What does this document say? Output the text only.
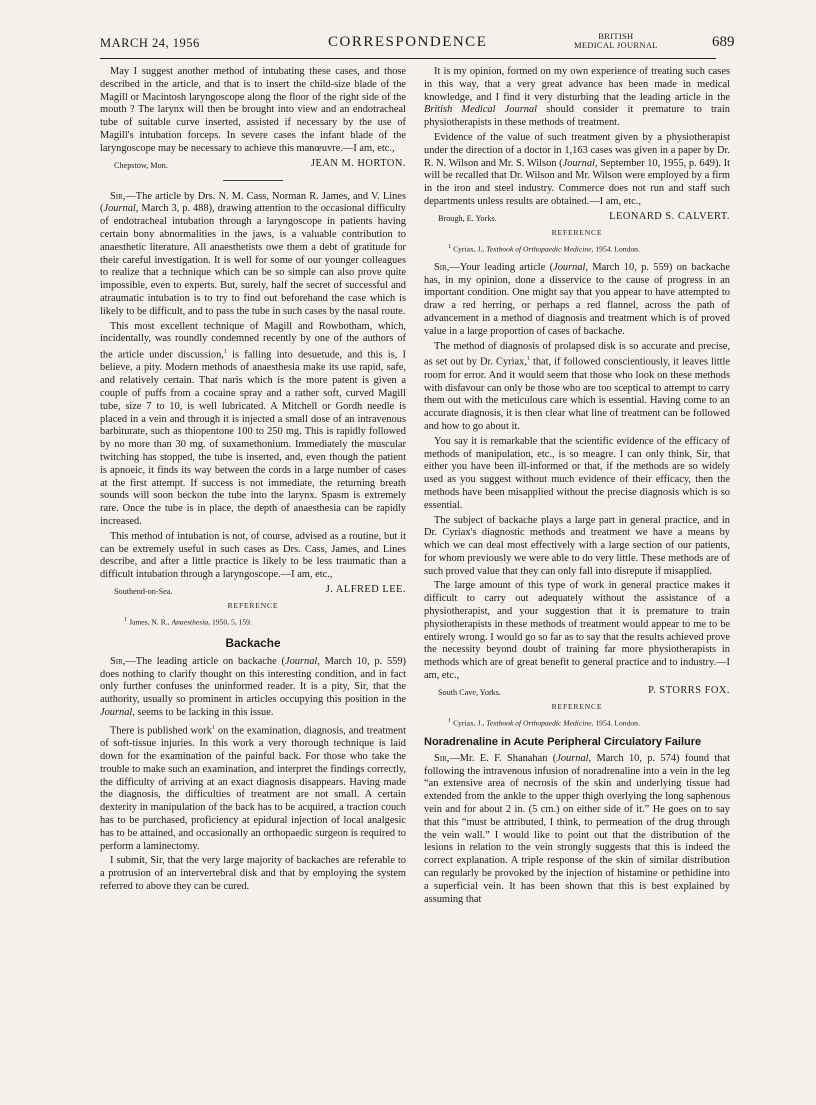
MARCH 24, 1956	CORRESPONDENCE	BRITISH
MEDICAL JOURNAL	689

May I suggest another method of intubating these cases, and those described in the article, and that is to insert the child-size blade of the Magill or Macintosh laryngoscope along the floor of the right side of the mouth ? The larynx will then be brought into view and an endotracheal tube of suitable curve inserted, assisted if necessary by the use of Magill's intubation forceps. In severe cases the infant blade of the laryngoscope may be necessary to achieve this manœuvre.—I am, etc.,

Chepstow, Mon.	JEAN M. HORTON.

Sir,—The article by Drs. N. M. Cass, Norman R. James, and V. Lines (Journal, March 3, p. 488), drawing attention to the occasional difficulty of endotracheal intubation through a laryngoscope in patients having certain bony abnormalities in the jaws, is a valuable contribution to anaesthetic literature. All anaesthetists owe them a debt of gratitude for their careful investigation. It is well for some of our younger colleagues to realize that a technique which can be so simple can also prove quite impossible, even to experts. But, surely, half the secret of successful and atraumatic intubation is to try to find out beforehand the case which is likely to be difficult, and to pass the tube in such cases by the nasal route.

This most excellent technique of Magill and Rowbotham, which, incidentally, was roundly condemned recently by one of the authors of the article under discussion,$^1$ is falling into desuetude, and this is, I believe, a pity. Modern methods of anaesthesia make its use rapid, safe, and relatively certain. That naris which is the more patent is given a couple of puffs from a cocaine spray and a rather soft, curved Magill tube, size 7 to 10, is well lubricated. A Mitchell or Gordh needle is placed in a vein and through it is injected a small dose of an intravenous barbiturate, such as thiopentone 100 to 250 mg. This is rapidly followed by no more than 30 mg. of suxamethonium. Immediately the muscular twitching has stopped, the tube is inserted, and, even though the patient is apnoeic, it finds its way between the cords in a large number of cases at the first attempt. If success is not immediate, the returning breath sounds will soon beckon the tube into the larynx. Spasm is extremely rare. Once the tube is in place, the depth of anaesthesia can be rapidly increased.

This method of intubation is not, of course, advised as a routine, but it can be extremely useful in such cases as Drs. Cass, James, and Lines describe, and after a little practice is likely to be less traumatic than a difficult intubation through a laryngoscope.—I am, etc.,

Southend-on-Sea.	J. ALFRED LEE.
REFERENCE
$^1$ James, N. R., Anaesthesia, 1950, 5, 159.
Backache

Sir,—The leading article on backache (Journal, March 10, p. 559) does nothing to clarify thought on this interesting condition, and in fact only further confuses the uninformed reader. It is a pity, Sir, that the authority, usually so prominent in articles occupying this position in the Journal, seems to be lacking in this issue.

There is published work$^1$ on the examination, diagnosis, and treatment of soft-tissue injuries. In this work a very thorough technique is laid down for the examination of the painful back. For those who take the trouble to make such an examination, and interpret the findings correctly, the difficulty of arriving at an exact diagnosis disappears. Having made the diagnosis, the difficulties of treatment are not small. A certain dexterity in manipulation of the back has to be acquired, a traction couch has to be purchased, proficiency at epidural injection of local analgesic has to be attained, and occasionally an orthopaedic surgeon is required to perform a laminectomy.

I submit, Sir, that the very large majority of backaches are referable to a protrusion of an intervertebral disk and that by employing the system referred to above they can be cured.

It is my opinion, formed on my own experience of treating such cases in this way, that a very great advance has been made in medical knowledge, and I find it very disturbing that the leading article in the British Medical Journal should consider it premature to train physiotherapists in these methods of treatment.

Evidence of the value of such treatment given by a physiotherapist under the direction of a doctor in 1,163 cases was given in a paper by Dr. R. N. Wilson and Mr. S. Wilson (Journal, September 10, 1955, p. 649). It will be recalled that Dr. Wilson and Mr. Wilson were employed by a firm in the iron and steel industry. Commerce does not run and staff such departments unless results are obtained.—I am, etc.,

Brough, E. Yorks.	LEONARD S. CALVERT.
REFERENCE
$^1$ Cyriax, J., Textbook of Orthopaedic Medicine, 1954. London.

Sir,—Your leading article (Journal, March 10, p. 559) on backache has, in my opinion, done a disservice to the cause of progress in an important condition. One might say that you appear to have attempted to draw a red herring, or perhaps a red flannel, across the path of advancement in a method of diagnosis and treatment which is of proved value in a large proportion of cases of backache.

The method of diagnosis of prolapsed disk is so accurate and precise, as set out by Dr. Cyriax,$^1$ that, if followed conscientiously, it leaves little room for error. And it would seem that those who look on these methods with disfavour can only be those who are too sceptical to attempt to carry them out with the meticulous care which is essential. Having come to an accurate diagnosis, it is then clear what line of treatment can be followed and how to go about it.

You say it is remarkable that the scientific evidence of the efficacy of methods of manipulation, etc., is so meagre. I can only think, Sir, that either you have been ill-informed or that, if the methods are so widely used as you suggest without much evidence of their efficacy, then the methods have been misapplied without the precise diagnosis which is so essential.

The subject of backache plays a large part in general practice, and in Dr. Cyriax's diagnostic methods and treatment we have a means by which we can deal most effectively with a large section of our patients, for whom previously we were able to do very little. These methods are of such proved value that they can only fall into disrepute if misapplied.

The large amount of this type of work in general practice makes it difficult to carry out adequately without the assistance of a physiotherapist, and your suggestion that it is premature to train physiotherapists in these methods of treatment would appear to me to be entirely wrong. I would go so far as to say that the results achieved prove the necessity beyond doubt of training far more physiotherapists in methods which are of great benefit to general practice and to industry.—I am, etc.,

South Cave, Yorks.	P. STORRS FOX.
REFERENCE
$^1$ Cyriax, J., Textbook of Orthopaedic Medicine, 1954. London.
Noradrenaline in Acute Peripheral Circulatory Failure

Sir,—Mr. E. F. Shanahan (Journal, March 10, p. 574) found that following the intravenous infusion of noradrenaline into a vein in the leg “an extensive area of necrosis of the skin and underlying tissue had extended from the ankle to the upper thigh overlying the long saphenous vein and for about 2 in. (5 cm.) on either side of it.” He goes on to say that this “must be attributed, I think, to permeation of the drug through the vein wall.” I would like to point out that the distribution of the lesions in relation to the vein strongly suggests that this is indeed the correct explanation. A triple response of the skin of similar distribution can regularly be provoked by the injection of histamine or pethidine into a superficial vein. It has been shown that this is best explained by assuming that
